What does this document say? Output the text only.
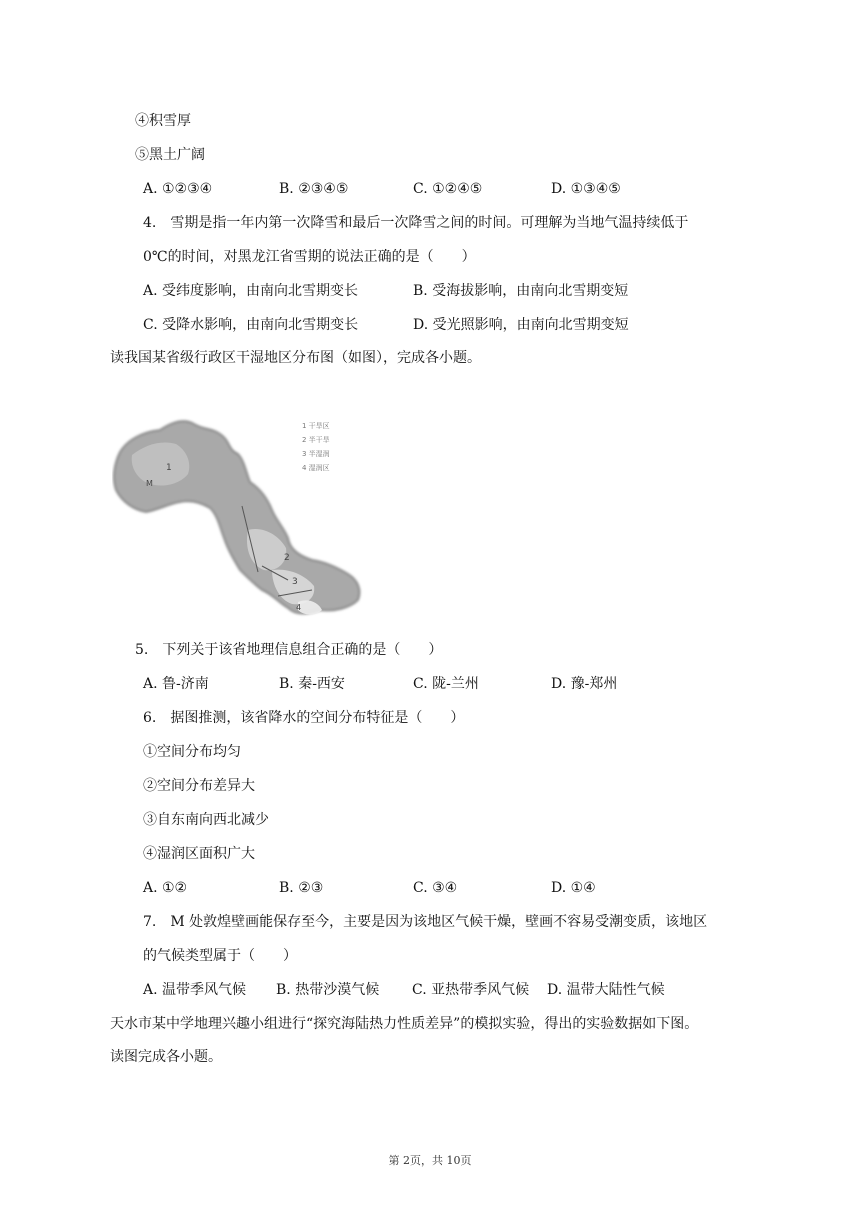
④积雪厚
⑤黑土广阔
A. ①②③④	B. ②③④⑤	C. ①②④⑤	D. ①③④⑤
4.　雪期是指一年内第一次降雪和最后一次降雪之间的时间。可理解为当地气温持续低于
0℃的时间，对黑龙江省雪期的说法正确的是（　　）
A. 受纬度影响，由南向北雪期变长	B. 受海拔影响，由南向北雪期变短
C. 受降水影响，由南向北雪期变长	D. 受光照影响，由南向北雪期变短
读我国某省级行政区干湿地区分布图（如图），完成各小题。
1
M
2
3
4
1 干旱区
2 半干旱
3 半湿润
4 湿润区
5.　下列关于该省地理信息组合正确的是（　　）
A. 鲁-济南	B. 秦-西安	C. 陇-兰州	D. 豫-郑州
6.　据图推测，该省降水的空间分布特征是（　　）
①空间分布均匀
②空间分布差异大
③自东南向西北减少
④湿润区面积广大
A. ①②	B. ②③	C. ③④	D. ①④
7.　M 处敦煌壁画能保存至今，主要是因为该地区气候干燥，壁画不容易受潮变质，该地区
的气候类型属于（　　）
A. 温带季风气候 B. 热带沙漠气候 C. 亚热带季风气候 D. 温带大陆性气候
天水市某中学地理兴趣小组进行“探究海陆热力性质差异”的模拟实验，得出的实验数据如下图。
读图完成各小题。
第 2页，共 10页
